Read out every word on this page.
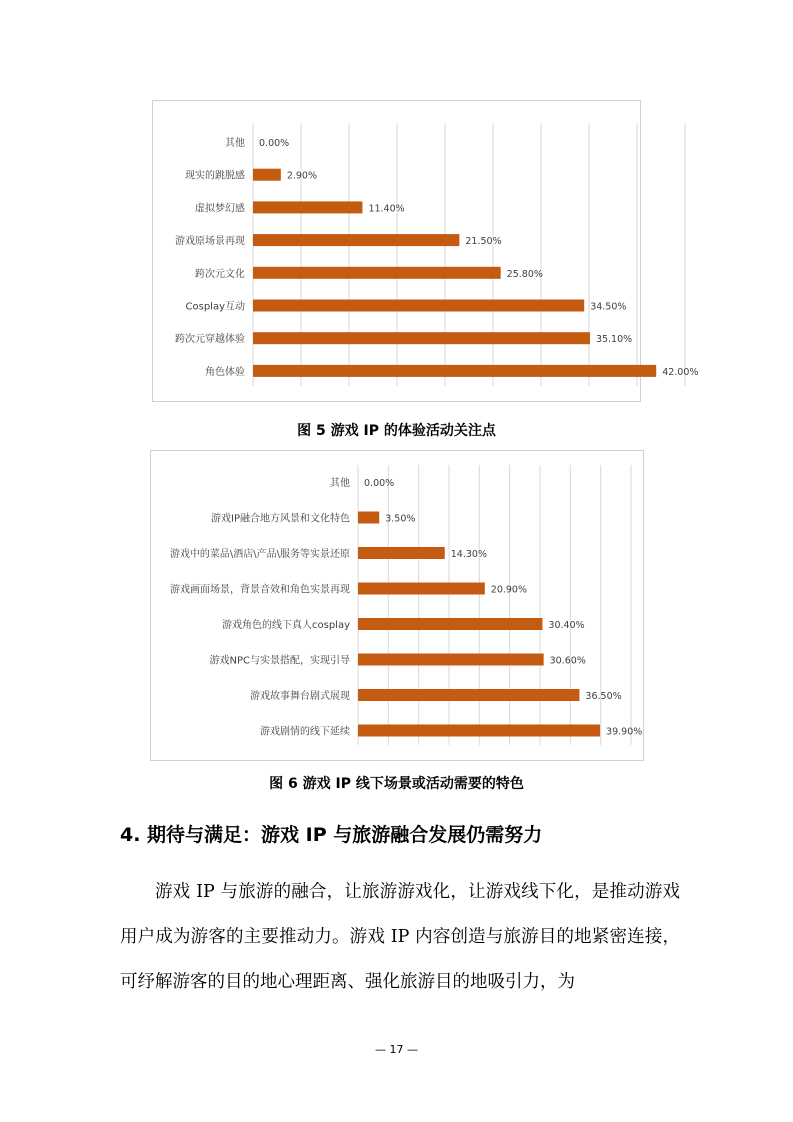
其他 0.00%
现实的跳脱感	2.90%
虚拟梦幻感	11.40%
游戏原场景再现	21.50%
跨次元文化	25.80%
Cosplay互动	34.50%
跨次元穿越体验	35.10%
角色体验	42.00%
图 5 游戏 IP 的体验活动关注点
其他 0.00%
游戏IP融合地方风景和文化特色	3.50%
游戏中的菜品\酒店\产品\服务等实景还原	14.30%
游戏画面场景，背景音效和角色实景再现	20.90%
游戏角色的线下真人cosplay	30.40%
游戏NPC与实景搭配，实现引导	30.60%
游戏故事舞台剧式展现	36.50%
游戏剧情的线下延续	39.90%
图 6 游戏 IP 线下场景或活动需要的特色
4. 期待与满足：游戏 IP 与旅游融合发展仍需努力
游戏 IP 与旅游的融合，让旅游游戏化，让游戏线下化，是推动游戏用户成为游客的主要推动力。游戏 IP 内容创造与旅游目的地紧密连接，可纾解游客的目的地心理距离、强化旅游目的地吸引力，为
— 17 —
